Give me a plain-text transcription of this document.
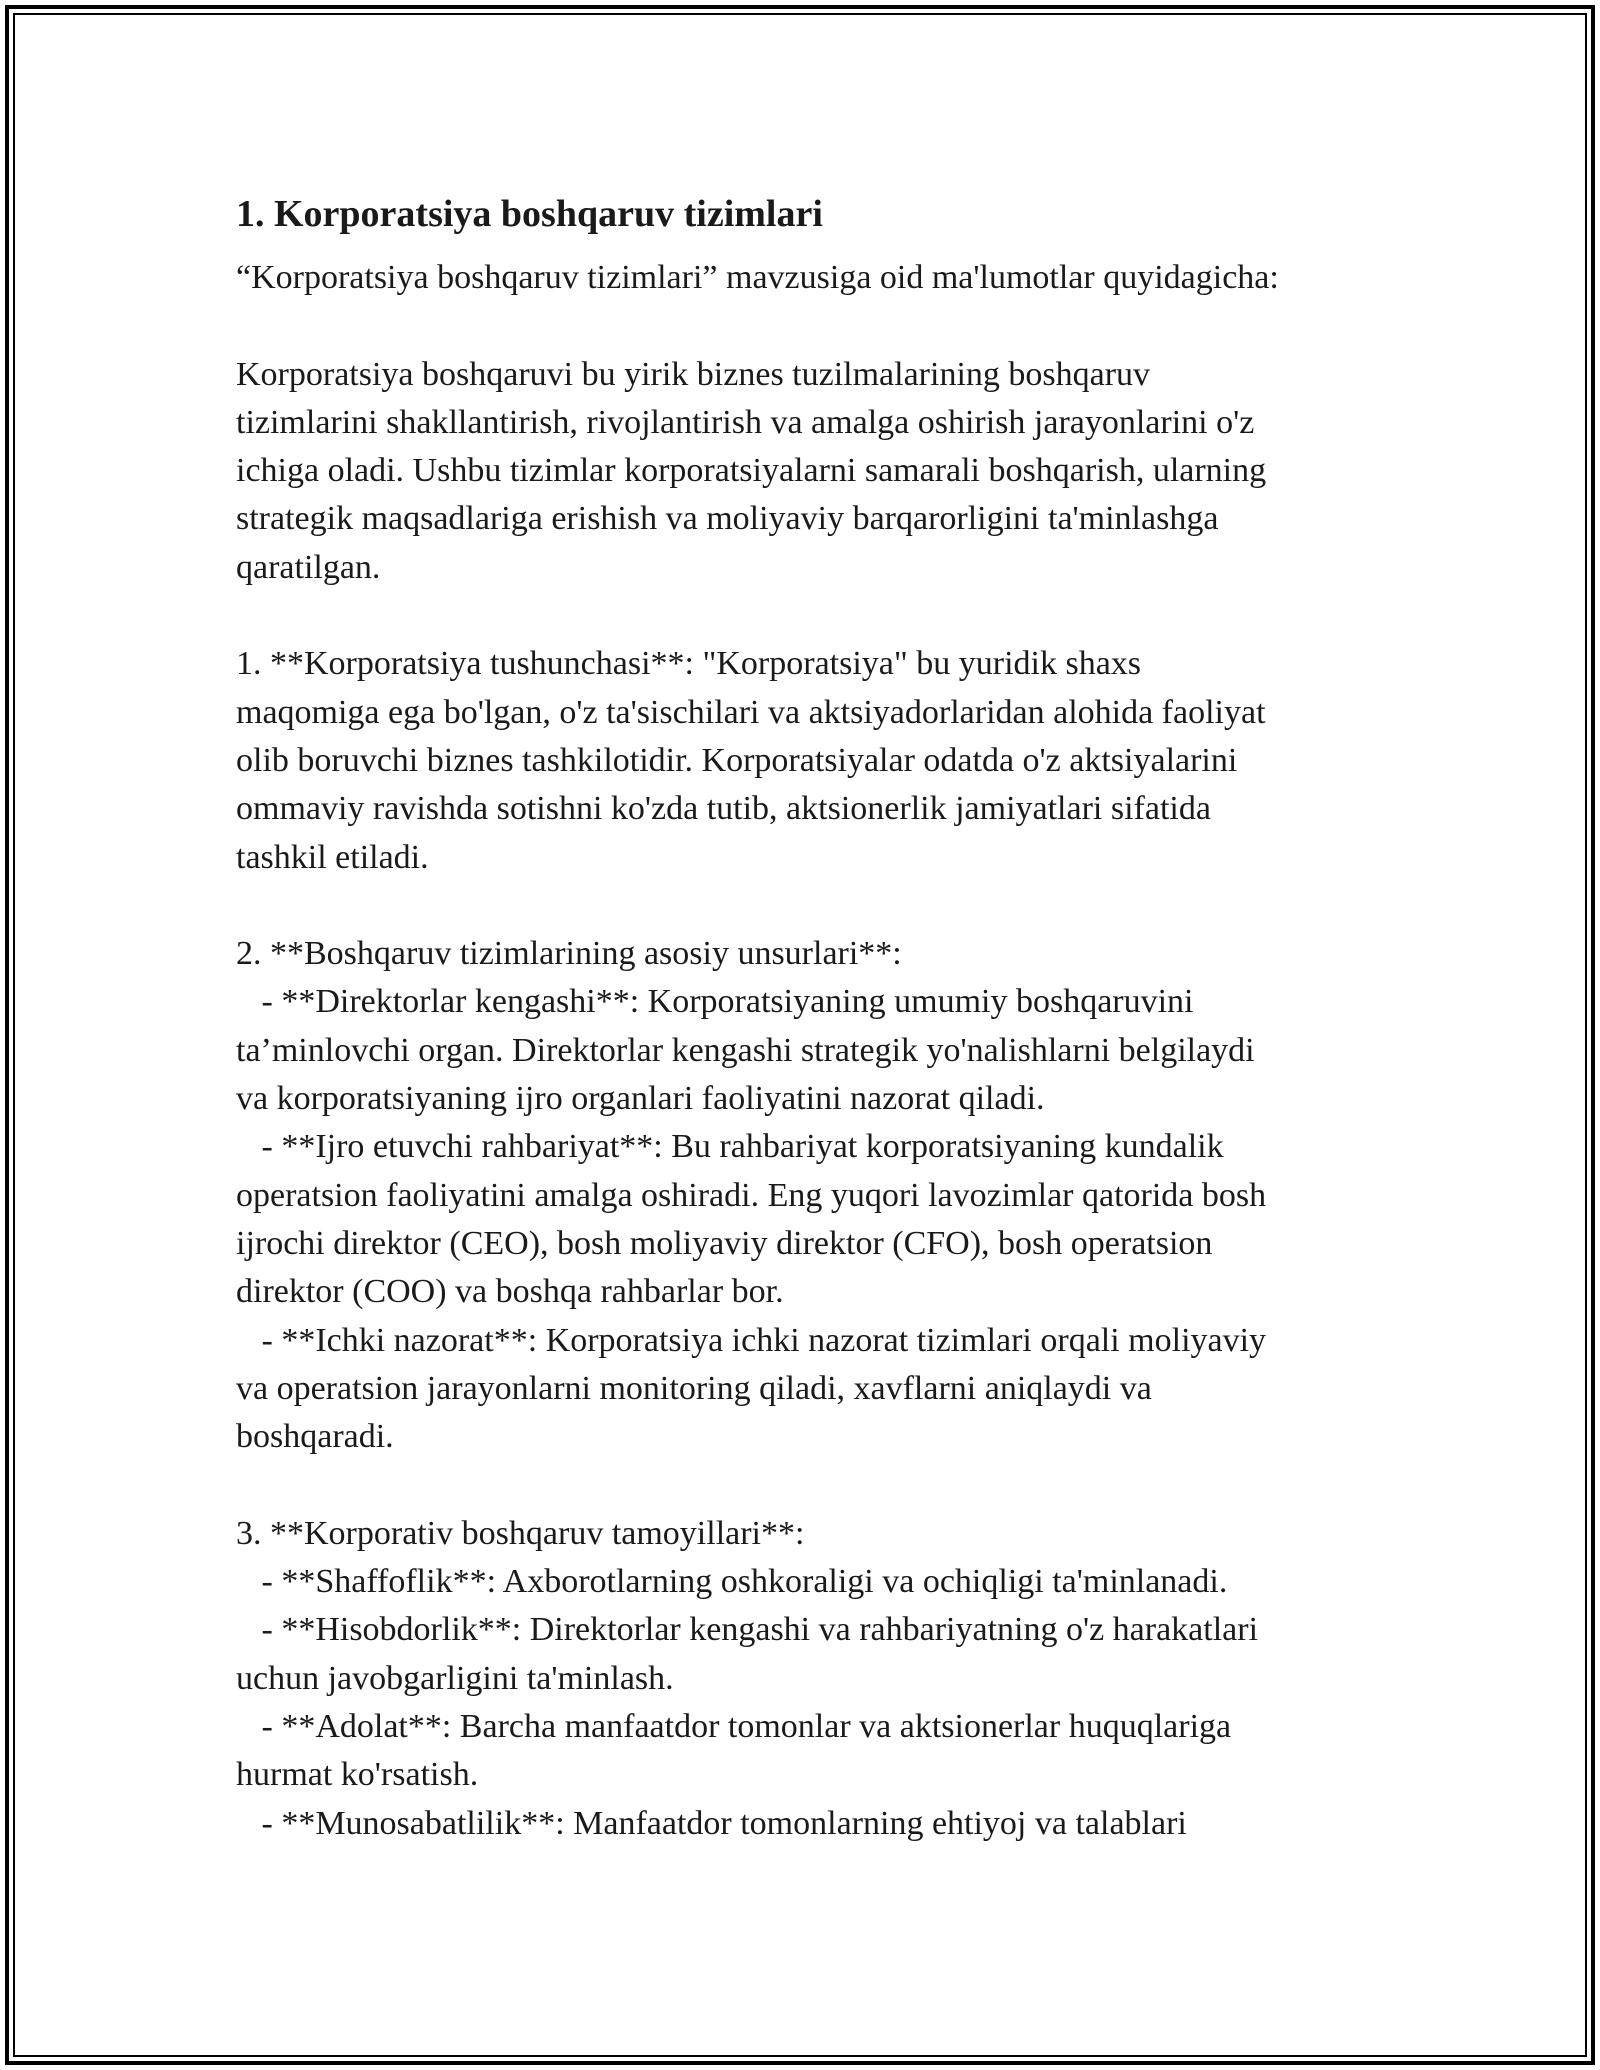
1. Korporatsiya boshqaruv tizimlari
“Korporatsiya boshqaruv tizimlari” mavzusiga oid ma'lumotlar quyidagicha:
Korporatsiya boshqaruvi bu yirik biznes tuzilmalarining boshqaruv
tizimlarini shakllantirish, rivojlantirish va amalga oshirish jarayonlarini o'z
ichiga oladi. Ushbu tizimlar korporatsiyalarni samarali boshqarish, ularning
strategik maqsadlariga erishish va moliyaviy barqarorligini ta'minlashga
qaratilgan.
1. **Korporatsiya tushunchasi**: "Korporatsiya" bu yuridik shaxs
maqomiga ega bo'lgan, o'z ta'sischilari va aktsiyadorlaridan alohida faoliyat
olib boruvchi biznes tashkilotidir. Korporatsiyalar odatda o'z aktsiyalarini
ommaviy ravishda sotishni ko'zda tutib, aktsionerlik jamiyatlari sifatida
tashkil etiladi.
2. **Boshqaruv tizimlarining asosiy unsurlari**:
- **Direktorlar kengashi**: Korporatsiyaning umumiy boshqaruvini
ta’minlovchi organ. Direktorlar kengashi strategik yo'nalishlarni belgilaydi
va korporatsiyaning ijro organlari faoliyatini nazorat qiladi.
- **Ijro etuvchi rahbariyat**: Bu rahbariyat korporatsiyaning kundalik
operatsion faoliyatini amalga oshiradi. Eng yuqori lavozimlar qatorida bosh
ijrochi direktor (CEO), bosh moliyaviy direktor (CFO), bosh operatsion
direktor (COO) va boshqa rahbarlar bor.
- **Ichki nazorat**: Korporatsiya ichki nazorat tizimlari orqali moliyaviy
va operatsion jarayonlarni monitoring qiladi, xavflarni aniqlaydi va
boshqaradi.
3. **Korporativ boshqaruv tamoyillari**:
- **Shaffoflik**: Axborotlarning oshkoraligi va ochiqligi ta'minlanadi.
- **Hisobdorlik**: Direktorlar kengashi va rahbariyatning o'z harakatlari
uchun javobgarligini ta'minlash.
- **Adolat**: Barcha manfaatdor tomonlar va aktsionerlar huquqlariga
hurmat ko'rsatish.
- **Munosabatlilik**: Manfaatdor tomonlarning ehtiyoj va talablari
